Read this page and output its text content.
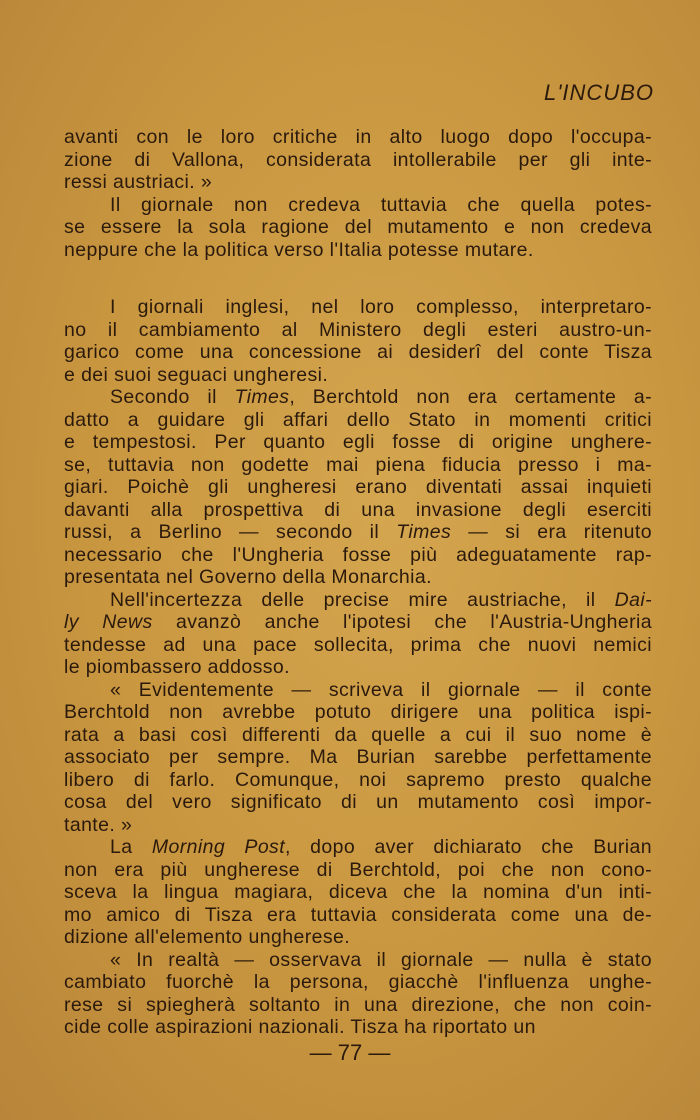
L'INCUBO
avanti con le loro critiche in alto luogo dopo l'occupa-
zione di Vallona, considerata intollerabile per gli inte-
ressi austriaci. »
Il giornale non credeva tuttavia che quella potes-
se essere la sola ragione del mutamento e non credeva
neppure che la politica verso l'Italia potesse mutare.
I giornali inglesi, nel loro complesso, interpretaro-
no il cambiamento al Ministero degli esteri austro-un-
garico come una concessione ai desiderî del conte Tisza
e dei suoi seguaci ungheresi.
Secondo il Times, Berchtold non era certamente a-
datto a guidare gli affari dello Stato in momenti critici
e tempestosi. Per quanto egli fosse di origine unghere-
se, tuttavia non godette mai piena fiducia presso i ma-
giari. Poichè gli ungheresi erano diventati assai inquieti
davanti alla prospettiva di una invasione degli eserciti
russi, a Berlino — secondo il Times — si era ritenuto
necessario che l'Ungheria fosse più adeguatamente rap-
presentata nel Governo della Monarchia.
Nell'incertezza delle precise mire austriache, il Dai-
ly News avanzò anche l'ipotesi che l'Austria-Ungheria
tendesse ad una pace sollecita, prima che nuovi nemici
le piombassero addosso.
« Evidentemente — scriveva il giornale — il conte
Berchtold non avrebbe potuto dirigere una politica ispi-
rata a basi così differenti da quelle a cui il suo nome è
associato per sempre. Ma Burian sarebbe perfettamente
libero di farlo. Comunque, noi sapremo presto qualche
cosa del vero significato di un mutamento così impor-
tante. »
La Morning Post, dopo aver dichiarato che Burian
non era più ungherese di Berchtold, poi che non cono-
sceva la lingua magiara, diceva che la nomina d'un inti-
mo amico di Tisza era tuttavia considerata come una de-
dizione all'elemento ungherese.
« In realtà — osservava il giornale — nulla è stato
cambiato fuorchè la persona, giacchè l'influenza unghe-
rese si spiegherà soltanto in una direzione, che non coin-
cide colle aspirazioni nazionali. Tisza ha riportato un
— 77 —
